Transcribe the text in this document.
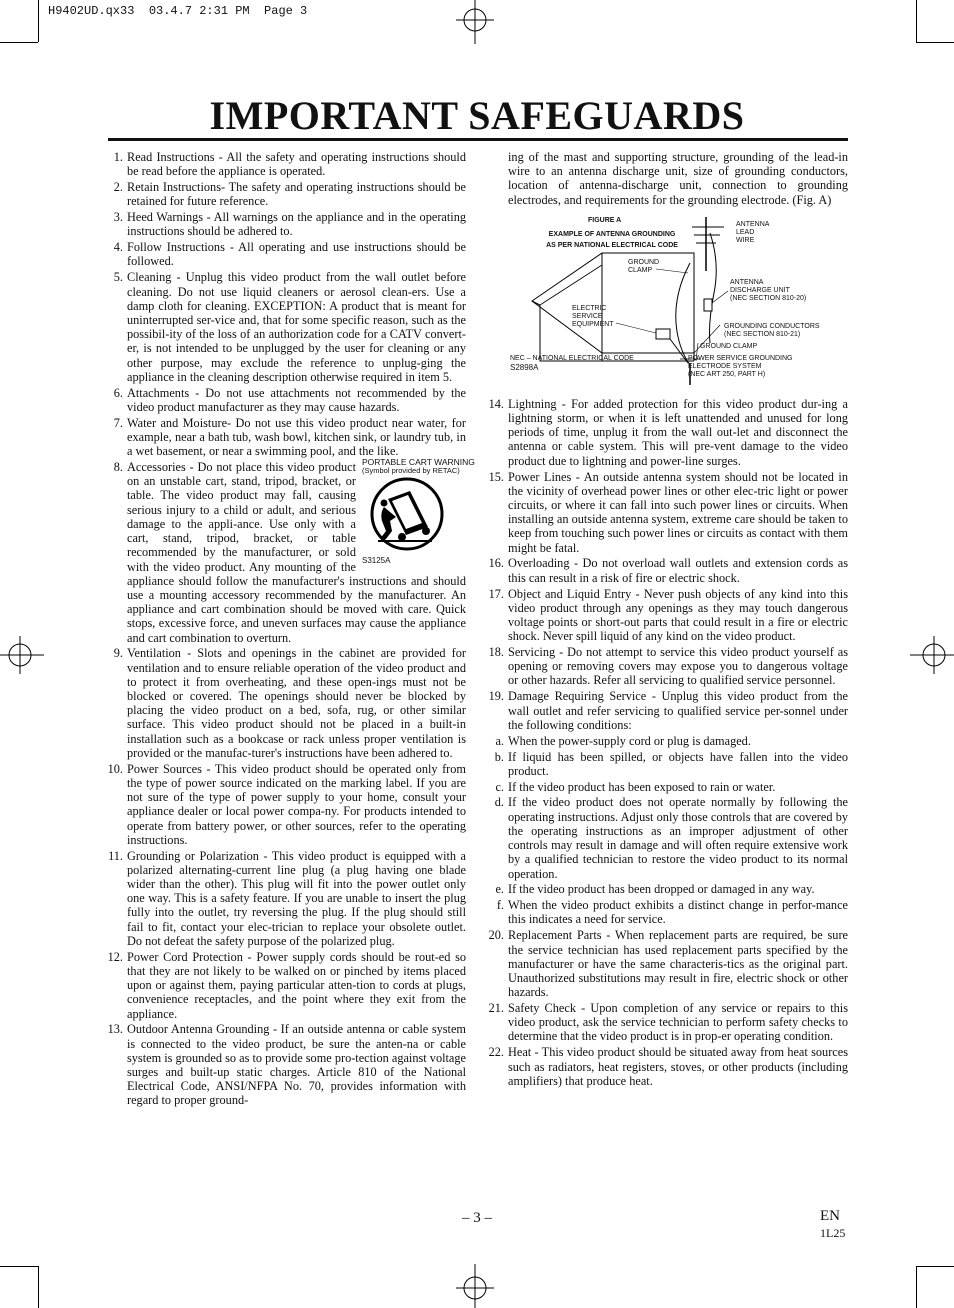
H9402UD.qx33  03.4.7 2:31 PM  Page 3
IMPORTANT SAFEGUARDS
1. Read Instructions - All the safety and operating instructions should be read before the appliance is operated.
2. Retain Instructions- The safety and operating instructions should be retained for future reference.
3. Heed Warnings - All warnings on the appliance and in the operating instructions should be adhered to.
4. Follow Instructions - All operating and use instructions should be followed.
5. Cleaning - Unplug this video product from the wall outlet before cleaning. Do not use liquid cleaners or aerosol clean-ers. Use a damp cloth for cleaning. EXCEPTION: A product that is meant for uninterrupted ser-vice and, that for some specific reason, such as the possibil-ity of the loss of an authorization code for a CATV convert-er, is not intended to be unplugged by the user for cleaning or any other purpose, may exclude the reference to unplug-ging the appliance in the cleaning description otherwise required in item 5.
6. Attachments - Do not use attachments not recommended by the video product manufacturer as they may cause hazards.
7. Water and Moisture- Do not use this video product near water, for example, near a bath tub, wash bowl, kitchen sink, or laundry tub, in a wet basement, or near a swimming pool, and the like.
8.	PORTABLE CART WARNING
(Symbol provided by RETAC)
S3125A
Accessories - Do not place this video product on an unstable cart, stand, tripod, bracket, or table. The video product may fall, causing serious injury to a child or adult, and serious damage to the appli-ance. Use only with a cart, stand, tripod, bracket, or table recommended by the manufacturer, or sold with the video product. Any mounting of the appliance should follow the manufacturer's instructions and should use a mounting accessory recommended by the manufacturer. An appliance and cart combination should be moved with care. Quick stops, excessive force, and uneven surfaces may cause the appliance and cart combination to overturn.
9. Ventilation - Slots and openings in the cabinet are provided for ventilation and to ensure reliable operation of the video product and to protect it from overheating, and these open-ings must not be blocked or covered. The openings should never be blocked by placing the video product on a bed, sofa, rug, or other similar surface. This video product should not be placed in a built-in installation such as a bookcase or rack unless proper ventilation is provided or the manufac-turer's instructions have been adhered to.
10. Power Sources - This video product should be operated only from the type of power source indicated on the marking label. If you are not sure of the type of power supply to your home, consult your appliance dealer or local power compa-ny. For products intended to operate from battery power, or other sources, refer to the operating instructions.
11. Grounding or Polarization - This video product is equipped with a polarized alternating-current line plug (a plug having one blade wider than the other). This plug will fit into the power outlet only one way. This is a safety feature. If you are unable to insert the plug fully into the outlet, try reversing the plug. If the plug should still fail to fit, contact your elec-trician to replace your obsolete outlet. Do not defeat the safety purpose of the polarized plug.
12. Power Cord Protection - Power supply cords should be rout-ed so that they are not likely to be walked on or pinched by items placed upon or against them, paying particular atten-tion to cords at plugs, convenience receptacles, and the point where they exit from the appliance.
13. Outdoor Antenna Grounding - If an outside antenna or cable system is connected to the video product, be sure the anten-na or cable system is grounded so as to provide some pro-tection against voltage surges and built-up static charges. Article 810 of the National Electrical Code, ANSI/NFPA No. 70, provides information with regard to proper ground-
ing of the mast and supporting structure, grounding of the lead-in wire to an antenna discharge unit, size of grounding conductors, location of antenna-discharge unit, connection to grounding electrodes, and requirements for the grounding electrode. (Fig. A)
FIGURE A
EXAMPLE OF ANTENNA GROUNDING
AS PER NATIONAL ELECTRICAL CODE
ANTENNA
LEAD
WIRE
GROUND
CLAMP
ANTENNA
DISCHARGE UNIT
(NEC SECTION 810-20)
ELECTRIC
SERVICE
EQUIPMENT	GROUNDING CONDUCTORS
(NEC SECTION 810-21)
GROUND CLAMP
NEC – NATIONAL ELECTRICAL CODE
S2898A
POWER SERVICE GROUNDING
ELECTRODE SYSTEM
(NEC ART 250, PART H)
14. Lightning - For added protection for this video product dur-ing a lightning storm, or when it is left unattended and unused for long periods of time, unplug it from the wall out-let and disconnect the antenna or cable system. This will pre-vent damage to the video product due to lightning and power-line surges.
15. Power Lines - An outside antenna system should not be located in the vicinity of overhead power lines or other elec-tric light or power circuits, or where it can fall into such power lines or circuits. When installing an outside antenna system, extreme care should be taken to keep from touching such power lines or circuits as contact with them might be fatal.
16. Overloading - Do not overload wall outlets and extension cords as this can result in a risk of fire or electric shock.
17. Object and Liquid Entry - Never push objects of any kind into this video product through any openings as they may touch dangerous voltage points or short-out parts that could result in a fire or electric shock. Never spill liquid of any kind on the video product.
18. Servicing - Do not attempt to service this video product yourself as opening or removing covers may expose you to dangerous voltage or other hazards. Refer all servicing to qualified service personnel.
19. Damage Requiring Service - Unplug this video product from the wall outlet and refer servicing to qualified service per-sonnel under the following conditions:
a. When the power-supply cord or plug is damaged.
b. If liquid has been spilled, or objects have fallen into the video product.
c. If the video product has been exposed to rain or water.
d. If the video product does not operate normally by following the operating instructions. Adjust only those controls that are covered by the operating instructions as an improper adjustment of other controls may result in damage and will often require extensive work by a qualified technician to restore the video product to its normal operation.
e. If the video product has been dropped or damaged in any way.
f. When the video product exhibits a distinct change in perfor-mance this indicates a need for service.
20. Replacement Parts - When replacement parts are required, be sure the service technician has used replacement parts specified by the manufacturer or have the same characteris-tics as the original part. Unauthorized substitutions may result in fire, electric shock or other hazards.
21. Safety Check - Upon completion of any service or repairs to this video product, ask the service technician to perform safety checks to determine that the video product is in prop-er operating condition.
22. Heat - This video product should be situated away from heat sources such as radiators, heat registers, stoves, or other products (including amplifiers) that produce heat.
– 3 –	EN
1L25
